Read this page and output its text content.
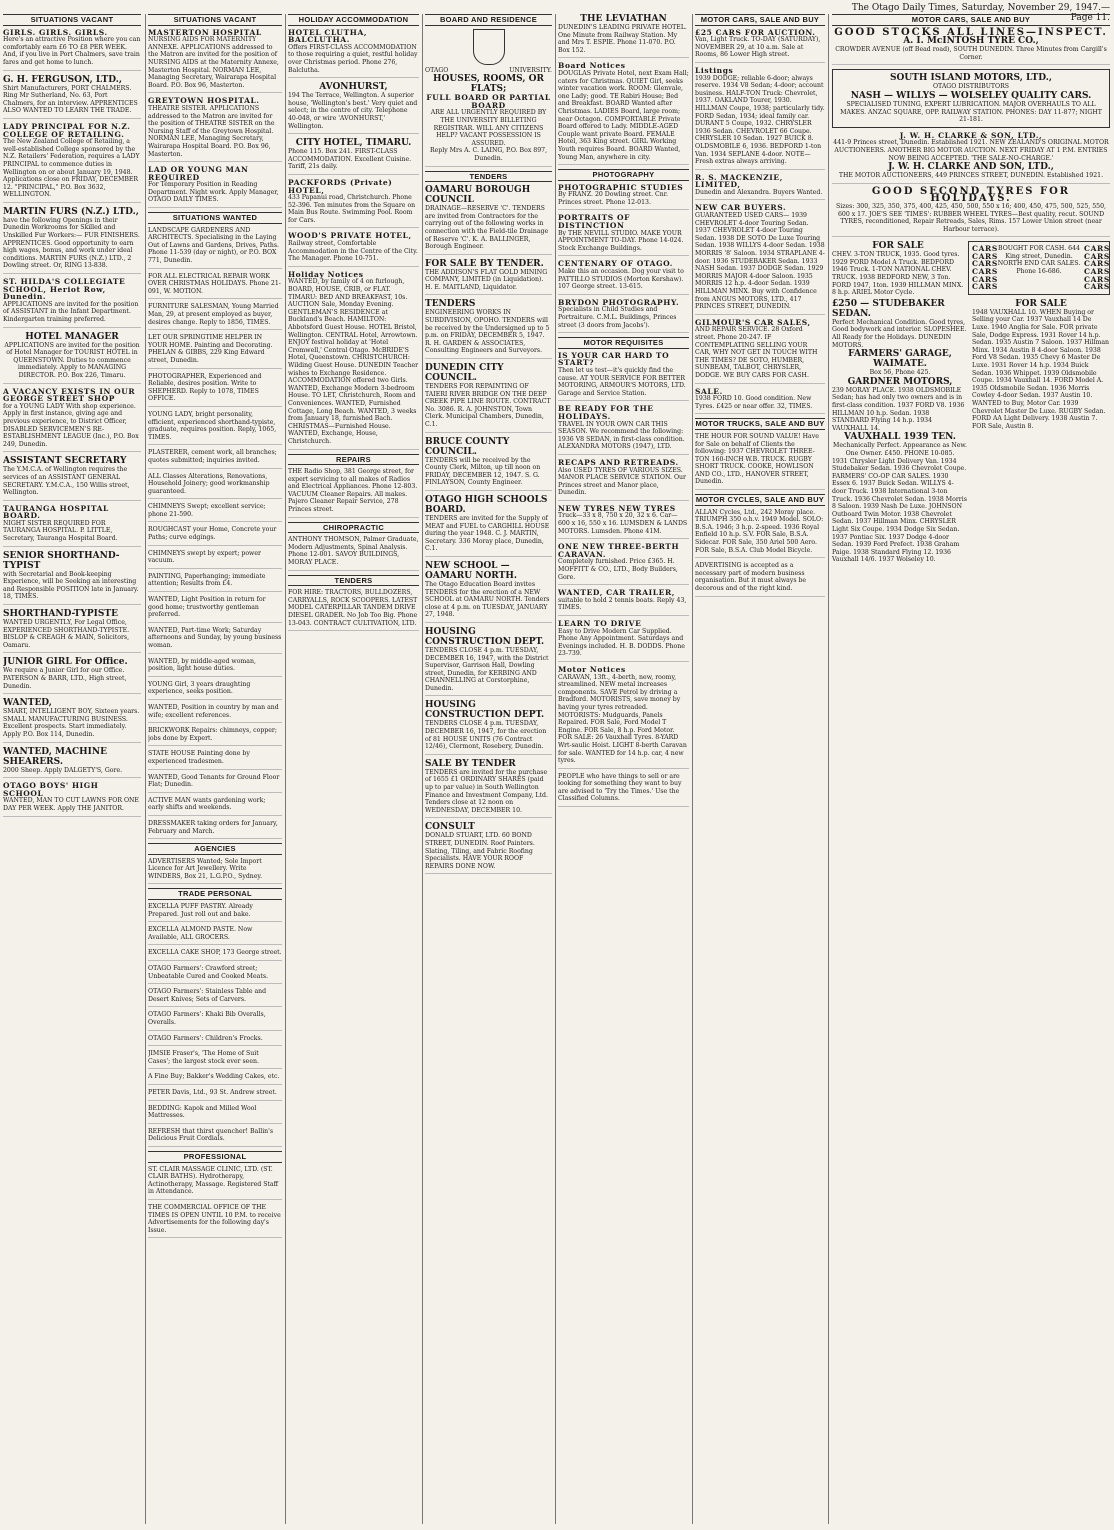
The Otago Daily Times, Saturday, November 29, 1947.—Page 11.
SITUATIONS VACANT
GIRLS. GIRLS. GIRLS.
Here's an attractive Position where you can comfortably earn £6 TO £8 PER WEEK. And, if you live in Port Chalmers, save train fares and get home to lunch.
G. H. FERGUSON, LTD.,
Shirt Manufacturers, PORT CHALMERS. Ring Mr Sutherland, No. 63, Port Chalmers, for an interview. APPRENTICES ALSO WANTED TO LEARN THE TRADE.
LADY PRINCIPAL FOR N.Z. COLLEGE OF RETAILING.
The New Zealand College of Retailing, a well-established College sponsored by the N.Z. Retailers' Federation, requires a LADY PRINCIPAL to commence duties in Wellington on or about January 19, 1948. Applications close on FRIDAY, DECEMBER 12. "PRINCIPAL," P.O. Box 3632, WELLINGTON.
MARTIN FURS (N.Z.) LTD.,
have the following Openings in their Dunedin Workrooms for Skilled and Unskilled Fur Workers:— FUR FINISHERS. APPRENTICES. Good opportunity to earn high wages, bonus, and work under ideal conditions. MARTIN FURS (N.Z.) LTD., 2 Dowling street. Or, RING 13-838.
ST. HILDA'S COLLEGIATE SCHOOL, Heriot Row, Dunedin.
APPLICATIONS are invited for the position of ASSISTANT in the Infant Department. Kindergarten training preferred.
HOTEL MANAGER
APPLICATIONS are invited for the position of Hotel Manager for TOURIST HOTEL in QUEENSTOWN. Duties to commence immediately. Apply to MANAGING DIRECTOR. P.O. Box 226, Timaru.
A VACANCY EXISTS IN OUR GEORGE STREET SHOP
for a YOUNG LADY With shop experience. Apply in first instance, giving age and previous experience, to District Officer, DISABLED SERVICEMEN'S RE-ESTABLISHMENT LEAGUE (Inc.), P.O. Box 249, Dunedin.
ASSISTANT SECRETARY
The Y.M.C.A. of Wellington requires the services of an ASSISTANT GENERAL SECRETARY. Y.M.C.A., 150 Willis street, Wellington.
TAURANGA HOSPITAL BOARD.
NIGHT SISTER REQUIRED FOR TAURANGA HOSPITAL. P. LITTLE, Secretary, Tauranga Hospital Board.
SENIOR SHORTHAND-TYPIST
with Secretarial and Book-keeping Experience, will be Seeking an interesting and Responsible POSITION late in January. 18, TIMES.
SHORTHAND-TYPISTE
WANTED URGENTLY, For Legal Office, EXPERIENCED SHORTHAND-TYPISTE. BISLOP & CREAGH & MAIN, Solicitors, Oamaru.
JUNIOR GIRL For Office.
We require a Junior Girl for our Office. PATERSON & BARR, LTD., High street, Dunedin.
WANTED,
SMART, INTELLIGENT BOY, Sixteen years. SMALL MANUFACTURING BUSINESS. Excellent prospects. Start immediately. Apply P.O. Box 114, Dunedin.
WANTED, MACHINE SHEARERS.
2000 Sheep. Apply DALGETY'S, Gore.
OTAGO BOYS' HIGH SCHOOL
WANTED, MAN TO CUT LAWNS FOR ONE DAY PER WEEK. Apply THE JANITOR.
SITUATIONS VACANT
MASTERTON HOSPITAL
NURSING AIDS FOR MATERNITY ANNEXE. APPLICATIONS addressed to the Matron are invited for the position of NURSING AIDS at the Maternity Annexe, Masterton Hospital. NORMAN LEE, Managing Secretary, Wairarapa Hospital Board. P.O. Box 96, Masterton.
GREYTOWN HOSPITAL.
THEATRE SISTER. APPLICATIONS addressed to the Matron are invited for the position of THEATRE SISTER on the Nursing Staff of the Greytown Hospital. NORMAN LEE, Managing Secretary, Wairarapa Hospital Board. P.O. Box 96, Masterton.
LAD OR YOUNG MAN REQUIRED
For Temporary Position in Reading Department. Night work. Apply Manager, OTAGO DAILY TIMES.
SITUATIONS WANTED
LANDSCAPE GARDENERS AND ARCHITECTS. Specialising in the Laying Out of Lawns and Gardens, Drives, Paths. Phone 11-539 (day or night), or P.O. BOX 771, Dunedin.
FOR ALL ELECTRICAL REPAIR WORK OVER CHRISTMAS HOLIDAYS. Phone 21-091, W. MOTION.
FURNITURE SALESMAN, Young Married Man, 29, at present employed as buyer, desires change. Reply to 1856, TIMES.
LET OUR SPRINGTIME HELPER IN YOUR HOME. Painting and Decorating. PHELAN & GIBBS, 229 King Edward street, Dunedin.
PHOTOGRAPHER, Experienced and Reliable, desires position. Write to SHEPHERD. Reply to 1078, TIMES OFFICE.
YOUNG LADY, bright personality, efficient, experienced shorthand-typiste, graduate, requires position. Reply, 1065, TIMES.
PLASTERER, cement work, all branches; quotes submitted; inquiries invited.
ALL Classes Alterations, Renovations, Household Joinery; good workmanship guaranteed.
CHIMNEYS Swept; excellent service; phone 21-590.
ROUGHCAST your Home, Concrete your Paths; curve edgings.
CHIMNEYS swept by expert; power vacuum.
PAINTING, Paperhanging; immediate attention; Results from £4.
WANTED, Light Position in return for good home; trustworthy gentleman preferred.
WANTED, Part-time Work; Saturday afternoons and Sunday, by young business woman.
WANTED, by middle-aged woman, position, light house duties.
YOUNG Girl, 3 years draughting experience, seeks position.
WANTED, Position in country by man and wife; excellent references.
BRICKWORK Repairs: chimneys, copper; jobs done by Expert.
STATE HOUSE Painting done by experienced tradesmen.
WANTED, Good Tenants for Ground Floor Flat; Dunedin.
ACTIVE MAN wants gardening work; early shifts and weekends.
DRESSMAKER taking orders for January, February and March.
AGENCIES
ADVERTISERS Wanted; Sole Import Licence for Art Jewellery. Write WINDERS, Box 21, L.G.P.O., Sydney.
TRADE PERSONAL
EXCELLA PUFF PASTRY. Already Prepared. Just roll out and bake.
EXCELLA ALMOND PASTE. Now Available, ALL GROCERS.
EXCELLA CAKE SHOP, 173 George street.
OTAGO Farmers': Crawford street; Unbeatable Cured and Cooked Meats.
OTAGO Farmers': Stainless Table and Desert Knives; Sets of Carvers.
OTAGO Farmers': Khaki Bib Overalls, Overalls.
OTAGO Farmers': Children's Frocks.
JIMSIE Fraser's, 'The Home of Suit Cases'; the largest stock ever seen.
A Fine Buy; Bakker's Wedding Cakes, etc.
PETER Davis, Ltd., 93 St. Andrew street.
BEDDING: Kapok and Milled Wool Mattresses.
REFRESH that thirst quencher! Ballin's Delicious Fruit Cordials.
PROFESSIONAL
ST. CLAIR MASSAGE CLINIC, LTD. (ST. CLAIR BATHS). Hydrotherapy, Actinotherapy, Massage. Registered Staff in Attendance.
THE COMMERCIAL OFFICE OF THE TIMES IS OPEN UNTIL 10 P.M. to receive Advertisements for the following day's Issue.
HOLIDAY ACCOMMODATION
HOTEL CLUTHA, BALCLUTHA.
Offers FIRST-CLASS ACCOMMODATION to those requiring a quiet, restful holiday over Christmas period. Phone 276, Balclutha.
AVONHURST,
194 The Terrace, Wellington. A superior house, 'Wellington's best.' Very quiet and select; in the centre of city. Telephone 40-048, or wire 'AVONHURST,' Wellington.
CITY HOTEL, TIMARU.
Phone 115. Box 241. FIRST-CLASS ACCOMMODATION. Excellent Cuisine. Tariff, 21s daily.
PACKFORDS (Private) HOTEL,
433 Papanui road, Christchurch. Phone 52-396. Ten minutes from the Square on Main Bus Route. Swimming Pool. Room for Cars.
WOOD'S PRIVATE HOTEL,
Railway street, Comfortable Accommodation in the Centre of the City. The Manager. Phone 10-751.
Holiday Notices
WANTED, by family of 4 on furlough, BOARD, HOUSE, CRIB, or FLAT. TIMARU: BED AND BREAKFAST, 10s. AUCTION Sale, Monday Evening. GENTLEMAN'S RESIDENCE at Buckland's Beach. HAMILTON: Abbotsford Guest House. HOTEL Bristol, Wellington. CENTRAL Hotel, Arrowtown. ENJOY festival holiday at 'Hotel Cromwell,' Central Otago. McBRIDE'S Hotel, Queenstown. CHRISTCHURCH: Wilding Guest House. DUNEDIN Teacher wishes to Exchange Residence. ACCOMMODATION offered two Girls. WANTED, Exchange Modern 3-bedroom House. TO LET, Christchurch, Room and Conveniences. WANTED, Furnished Cottage, Long Beach. WANTED, 3 weeks from January 18, furnished Bach. CHRISTMAS—Furnished House. WANTED, Exchange, House, Christchurch.
REPAIRS
THE Radio Shop, 381 George street, for expert servicing to all makes of Radios and Electrical Appliances. Phone 12-803. VACUUM Cleaner Repairs. All makes. Pajero Cleaner Repair Service, 278 Princes street.
CHIROPRACTIC
ANTHONY THOMSON, Palmer Graduate, Modern Adjustments, Spinal Analysis. Phone 12-001. SAVOY BUILDINGS, MORAY PLACE.
TENDERS
FOR HIRE: TRACTORS, BULLDOZERS, CARRYALLS, ROCK SCOOPERS. LATEST MODEL CATERPILLAR TANDEM DRIVE DIESEL GRADER. No Job Too Big. Phone 13-043. CONTRACT CULTIVATION, LTD.
BOARD AND RESIDENCE
OTAGO	UNIVERSITY.
HOUSES, ROOMS, OR FLATS;
FULL BOARD OR PARTIAL BOARD
ARE ALL URGENTLY REQUIRED BY THE UNIVERSITY BILLETING REGISTRAR. WILL ANY CITIZENS HELP? VACANT POSSESSION IS ASSURED.
Reply Mrs A. C. LAING, P.O. Box 897, Dunedin.
TENDERS
OAMARU BOROUGH COUNCIL
DRAINAGE—RESERVE 'C'. TENDERS are invited from Contractors for the carrying out of the following works in connection with the Field-tile Drainage of Reserve 'C'. K. A. BALLINGER, Borough Engineer.
FOR SALE BY TENDER.
THE ADDISON'S FLAT GOLD MINING COMPANY, LIMITED (in Liquidation). H. E. MAITLAND, Liquidator.
TENDERS
ENGINEERING WORKS IN SUBDIVISION, OPOHO. TENDERS will be received by the Undersigned up to 5 p.m. on FRIDAY, DECEMBER 5, 1947. R. H. GARDEN & ASSOCIATES, Consulting Engineers and Surveyors.
DUNEDIN CITY COUNCIL.
TENDERS FOR REPAINTING OF TAIERI RIVER BRIDGE ON THE DEEP CREEK PIPE LINE ROUTE. CONTRACT No. 3086. R. A. JOHNSTON, Town Clerk. Municipal Chambers, Dunedin, C.1.
BRUCE COUNTY COUNCIL.
TENDERS will be received by the County Clerk, Milton, up till noon on FRIDAY, DECEMBER 12, 1947. S. G. FINLAYSON, County Engineer.
OTAGO HIGH SCHOOLS BOARD.
TENDERS are invited for the Supply of MEAT and FUEL to CARGHILL HOUSE during the year 1948. C. J. MARTIN, Secretary. 336 Moray place, Dunedin, C.1.
NEW SCHOOL — OAMARU NORTH.
The Otago Education Board invites TENDERS for the erection of a NEW SCHOOL at OAMARU NORTH. Tenders close at 4 p.m. on TUESDAY, JANUARY 27, 1948.
HOUSING CONSTRUCTION DEPT.
TENDERS CLOSE 4 p.m. TUESDAY, DECEMBER 16, 1947, with the District Supervisor, Garrison Hall, Dowling street, Dunedin, for KERBING AND CHANNELLING at Corstorphine, Dunedin.
HOUSING CONSTRUCTION DEPT.
TENDERS CLOSE 4 p.m. TUESDAY, DECEMBER 16, 1947, for the erection of 81 HOUSE UNITS (76 Contract 12/46), Clermont, Rosebery, Dunedin.
SALE BY TENDER
TENDERS are invited for the purchase of 1655 £1 ORDINARY SHARES (paid up to par value) in South Wellington Finance and Investment Company, Ltd. Tenders close at 12 noon on WEDNESDAY, DECEMBER 10.
CONSULT
DONALD STUART, LTD. 60 BOND STREET, DUNEDIN. Roof Painters. Slating, Tiling, and Fabric Roofing Specialists. HAVE YOUR ROOF REPAIRS DONE NOW.
THE LEVIATHAN
DUNEDIN'S LEADING PRIVATE HOTEL. One Minute from Railway Station. My and Mrs T. ESPIE. Phone 11-070. P.O. Box 152.
Board Notices
DOUGLAS Private Hotel, next Exam Hall; caters for Christmas. QUIET Girl, seeks winter vacation work. ROOM: Glenvale, one Lady; good. TE Rabiri House; Bed and Breakfast. BOARD Wanted after Christmas. LADIES Board, large room; near Octagon. COMFORTABLE Private Board offered to Lady. MIDDLE-AGED Couple want private Board. FEMALE Hotel, 363 King street. GIRL Working Youth requires Board. BOARD Wanted, Young Man, anywhere in city.
PHOTOGRAPHY
PHOTOGRAPHIC STUDIES
By FRANZ. 20 Dowling street. Cnr. Princes street. Phone 12-013.
PORTRAITS OF DISTINCTION
By THE NEVILL STUDIO. MAKE YOUR APPOINTMENT TO-DAY. Phone 14-024. Stock Exchange Buildings.
CENTENARY OF OTAGO.
Make this an occasion. Dog your visit to PATTILLO STUDIOS (Morton Kershaw). 107 George street. 13-615.
BRYDON PHOTOGRAPHY.
Specialists in Child Studies and Portraiture. C.M.L. Buildings, Princes street (3 doors from Jacobs').
MOTOR REQUISITES
IS YOUR CAR HARD TO START?
Then let us test—it's quickly find the cause. AT YOUR SERVICE FOR BETTER MOTORING, ARMOUR'S MOTORS, LTD. Garage and Service Station.
BE READY FOR THE HOLIDAYS.
TRAVEL IN YOUR OWN CAR THIS SEASON. We recommend the following: 1936 V8 SEDAN, in first-class condition. ALEXANDRA MOTORS (1947), LTD.
RECAPS AND RETREADS.
Also USED TYRES OF VARIOUS SIZES. MANOR PLACE SERVICE STATION. Our Princes street and Manor place, Dunedin.
NEW TYRES NEW TYRES
Truck—33 x 8, 750 x 20, 32 x 6. Car—600 x 16, 550 x 16. LUMSDEN & LANDS MOTORS. Lumsden. Phone 41M.
ONE NEW THREE-BERTH CARAVAN.
Completely furnished. Price £365. H. MOFFITT & CO., LTD., Body Builders, Gore.
WANTED, CAR TRAILER,
suitable to hold 2 tennis boats. Reply 43, TIMES.
LEARN TO DRIVE
Easy to Drive Modern Car Supplied. Phone Any Appointment. Saturdays and Evenings included. H. B. DODDS. Phone 23-739.
Motor Notices
CARAVAN, 13ft., 4-berth, new, roomy, streamlined. NEW metal increases components. SAVE Petrol by driving a Bradford. MOTORISTS, save money by having your tyres retreaded. MOTORISTS: Mudguards, Panels Repaired. FOR Sale, Ford Model T Engine. FOR Sale, 8 h.p. Ford Motor. FOR SALE: 26 Vauxhall Tyres. 8-YARD Wrt-saulic Hoist. LIGHT 8-berth Caravan for sale. WANTED for 14 h.p. car, 4 new tyres.
PEOPLE who have things to sell or are looking for something they want to buy are advised to 'Try the Times.' Use the Classified Columns.
MOTOR CARS, SALE AND BUY
£25 CARS FOR AUCTION.
Van, Light Truck. TO-DAY (SATURDAY), NOVEMBER 29, at 10 a.m. Sale at Rooms, 86 Lower High street.
Listings
1939 DODGE; reliable 6-door; always reserve. 1934 V8 Sedan; 4-door; account business. HALF-TON Truck: Chevrolet, 1937. OAKLAND Tourer, 1930. HILLMAN Coupe, 1938; particularly tidy. FORD Sedan, 1934; ideal family car. DURANT 5 Coupe, 1932. CHRYSLER 1936 Sedan. CHEVROLET 66 Coupe. CHRYSLER 10 Sedan. 1927 BUICK 8. OLDSMOBILE 6, 1936. BEDFORD 1-ton Van. 1934 SEPLANE 4-door. NOTE—Fresh extras always arriving.
R. S. MACKENZIE, LIMITED,
Dunedin and Alexandra. Buyers Wanted.
NEW CAR BUYERS.
GUARANTEED USED CARS— 1939 CHEVROLET 4-door Touring Sedan. 1937 CHEVROLET 4-door Touring Sedan. 1938 DE SOTO De Luxe Touring Sedan. 1938 WILLYS 4-door Sedan. 1938 MORRIS '8' Saloon. 1934 STRAPLANE 4-door. 1936 STUDEBAKER Sedan. 1933 NASH Sedan. 1937 DODGE Sedan. 1929 MORRIS MAJOR 4-door Saloon. 1935 MORRIS 12 h.p. 4-door Sedan. 1939 HILLMAN MINX. Buy with Confidence from ANGUS MOTORS, LTD., 417 PRINCES STREET, DUNEDIN.
GILMOUR'S CAR SALES,
AND REPAIR SERVICE. 28 Oxford street. Phone 20-247. IF CONTEMPLATING SELLING YOUR CAR, WHY NOT GET IN TOUCH WITH THE TIMES? DE SOTO, HUMBER, SUNBEAM, TALBOT, CHRYSLER, DODGE. WE BUY CARS FOR CASH.
SALE.
1938 FORD 10. Good condition. New Tyres. £425 or near offer. 32, TIMES.
MOTOR TRUCKS, SALE AND BUY
THE HOUR FOR SOUND VALUE! Have for Sale on behalf of Clients the following: 1937 CHEVROLET THREE-TON 160-INCH W.B. TRUCK. RUGBY SHORT TRUCK. COOKE, HOWLISON AND CO., LTD., HANOVER STREET, Dunedin.
MOTOR CYCLES, SALE AND BUY
ALLAN Cycles, Ltd., 242 Moray place. TRIUMPH 350 o.h.v. 1949 Model. SOLO: B.S.A. 1946; 3 h.p. 2-speed. 1936 Royal Enfield 10 h.p. S.V. FOR Sale, B.S.A. Sidecar. FOR Sale, 350 Ariel 500 Aero. FOR Sale, B.S.A. Club Model Bicycle.
ADVERTISING is accepted as a necessary part of modern business organisation. But it must always be decorous and of the right kind.
MOTOR CARS, SALE AND BUY
GOOD STOCKS ALL LINES—INSPECT.
A. I. McINTOSH TYRE CO.,
CROWDER AVENUE (off Bead road), SOUTH DUNEDIN. Three Minutes from Cargill's Corner.
SOUTH ISLAND MOTORS, LTD.,
OTAGO DISTRIBUTORS
NASH — WILLYS — WOLSELEY QUALITY CARS.
SPECIALISED TUNING, EXPERT LUBRICATION. MAJOR OVERHAULS TO ALL MAKES. ANZAC SQUARE, OPP. RAILWAY STATION. PHONES: DAY 11-877; NIGHT 21-181.
J. W. H. CLARKE & SON, LTD.,
441-9 Princes street, Dunedin. Established 1921. NEW ZEALAND'S ORIGINAL MOTOR AUCTIONEERS. ANOTHER BIG MOTOR AUCTION. NEXT FRIDAY AT 1 P.M. ENTRIES NOW BEING ACCEPTED. 'THE SALE-NO-CHARGE.'
J. W. H. CLARKE AND SON, LTD.,
THE MOTOR AUCTIONEERS, 449 PRINCES STREET, DUNEDIN. Established 1921.
GOOD SECOND TYRES FOR HOLIDAYS.
Sizes: 300, 325, 350, 375, 400, 425, 450, 500, 550 x 16; 400, 450, 475, 500, 525, 550, 600 x 17. JOE'S SEE 'TIMES': RUBBER WHEEL TYRES—Best quality, recut. SOUND TYRES, reconditioned, Repair Retreads, Sales, Rims. 157 Lower Union street (near Harbour terrace).
FOR SALE
CHEV. 3-TON TRUCK, 1935. Good tyres. 1929 FORD Model A Truck. BEDFORD 1946 Truck. 1-TON NATIONAL CHEV. TRUCK. 1938 BEDFORD NEW, 3 Ton. FORD 1947, 1ton. 1939 HILLMAN MINX. 8 h.p. ARIEL Motor Cycle.
CARS CARS CARS CARS CARS CARS
BOUGHT FOR CASH. 644 King street, Dunedin. NORTH END CAR SALES. Phone 16-686.
CARS CARS CARS CARS CARS CARS
£250 — STUDEBAKER SEDAN.
Perfect Mechanical Condition. Good tyres, Good bodywork and interior. SLOPESHEE. All Ready for the Holidays. DUNEDIN MOTORS.
FARMERS' GARAGE, WAIMATE.
Box 56, Phone 425.
GARDNER MOTORS,
239 MORAY PLACE. 1938 OLDSMOBILE Sedan; has had only two owners and is in first-class condition. 1937 FORD V8. 1936 HILLMAN 10 h.p. Sedan. 1938 STANDARD Flying 14 h.p. 1934 VAUXHALL 14.
VAUXHALL 1939 TEN.
Mechanically Perfect. Appearance as New. One Owner. £450. PHONE 10-085.
1931 Chrysler Light Delivery Van. 1934 Studebaker Sedan. 1936 Chevrolet Coupe. FARMERS' CO-OP CAR SALES. 1930 Essex 6. 1937 Buick Sedan. WILLYS 4-door Truck. 1938 International 3-ton Truck. 1936 Chevrolet Sedan. 1938 Morris 8 Saloon. 1939 Nash De Luxe. JOHNSON Outboard Twin Motor. 1938 Chevrolet Sedan. 1937 Hillman Minx. CHRYSLER Light Six Coupe. 1934 Dodge Six Sedan. 1937 Pontiac Six. 1937 Dodge 4-door Sedan. 1939 Ford Prefect. 1938 Graham Paige. 1938 Standard Flying 12. 1936 Vauxhall 14/6. 1937 Wolseley 10.
FOR SALE
1948 VAUXHALL 10. WHEN Buying or Selling your Car. 1937 Vauxhall 14 De Luxe. 1940 Anglia for Sale. FOR private Sale, Dodge Express. 1931 Rover 14 h.p. Sedan. 1935 Austin 7 Saloon. 1937 Hillman Minx. 1934 Austin 8 4-door Saloon. 1938 Ford V8 Sedan. 1935 Chevy 6 Master De Luxe. 1931 Rover 14 h.p. 1934 Buick Sedan. 1936 Whippet. 1939 Oldsmobile Coupe. 1934 Vauxhall 14. FORD Model A. 1935 Oldsmobile Sedan. 1936 Morris Cowley 4-door Sedan. 1937 Austin 10. WANTED to Buy, Motor Car. 1939 Chevrolet Master De Luxe. RUGBY Sedan. FORD AA Light Delivery. 1938 Austin 7. FOR Sale, Austin 8.
